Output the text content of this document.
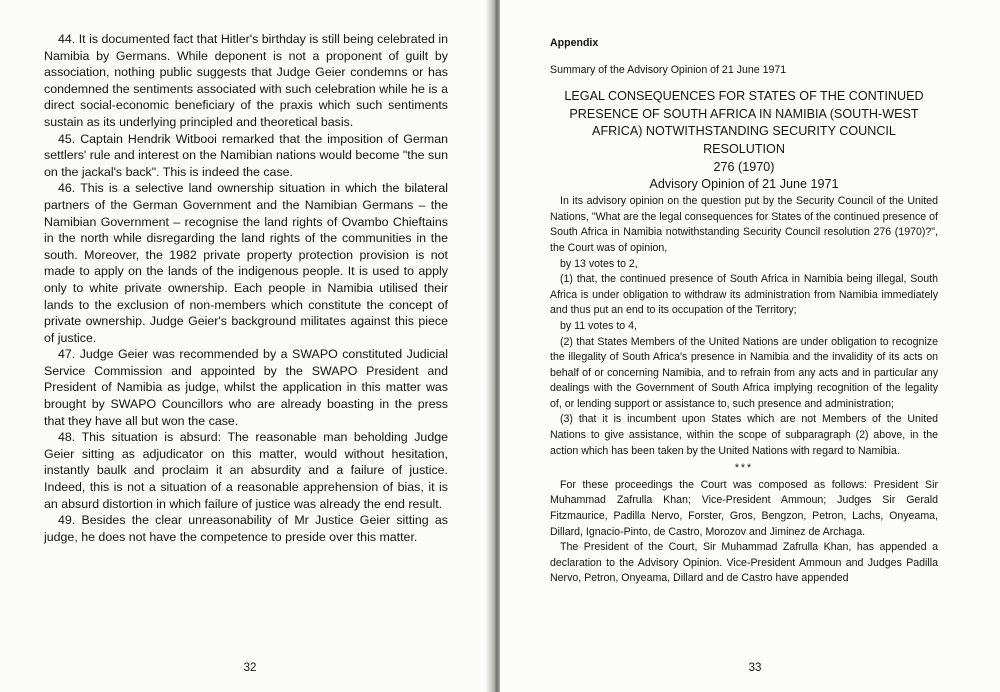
44. It is documented fact that Hitler's birthday is still being celebrated in Namibia by Germans. While deponent is not a proponent of guilt by association, nothing public suggests that Judge Geier condemns or has condemned the sentiments associated with such celebration while he is a direct social-economic beneficiary of the praxis which such sentiments sustain as its underlying principled and theoretical basis.

45. Captain Hendrik Witbooi remarked that the imposition of German settlers' rule and interest on the Namibian nations would become "the sun on the jackal's back". This is indeed the case.

46. This is a selective land ownership situation in which the bilateral partners of the German Government and the Namibian Germans – the Namibian Government – recognise the land rights of Ovambo Chieftains in the north while disregarding the land rights of the communities in the south. Moreover, the 1982 private property protection provision is not made to apply on the lands of the indigenous people. It is used to apply only to white private ownership. Each people in Namibia utilised their lands to the exclusion of non-members which constitute the concept of private ownership. Judge Geier's background militates against this piece of justice.

47. Judge Geier was recommended by a SWAPO constituted Judicial Service Commission and appointed by the SWAPO President and President of Namibia as judge, whilst the application in this matter was brought by SWAPO Councillors who are already boasting in the press that they have all but won the case.

48. This situation is absurd: The reasonable man beholding Judge Geier sitting as adjudicator on this matter, would without hesitation, instantly baulk and proclaim it an absurdity and a failure of justice. Indeed, this is not a situation of a reasonable apprehension of bias, it is an absurd distortion in which failure of justice was already the end result.

49. Besides the clear unreasonability of Mr Justice Geier sitting as judge, he does not have the competence to preside over this matter.

32
Appendix
Summary of the Advisory Opinion of 21 June 1971
LEGAL CONSEQUENCES FOR STATES OF THE CONTINUED
PRESENCE OF SOUTH AFRICA IN NAMIBIA (SOUTH-WEST
AFRICA) NOTWITHSTANDING SECURITY COUNCIL RESOLUTION
276 (1970)
Advisory Opinion of 21 June 1971

In its advisory opinion on the question put by the Security Council of the United Nations, "What are the legal consequences for States of the continued presence of South Africa in Namibia notwithstanding Security Council resolution 276 (1970)?", the Court was of opinion,

by 13 votes to 2,

(1) that, the continued presence of South Africa in Namibia being illegal, South Africa is under obligation to withdraw its administration from Namibia immediately and thus put an end to its occupation of the Territory;

by 11 votes to 4,

(2) that States Members of the United Nations are under obligation to recognize the illegality of South Africa's presence in Namibia and the invalidity of its acts on behalf of or concerning Namibia, and to refrain from any acts and in particular any dealings with the Government of South Africa implying recognition of the legality of, or lending support or assistance to, such presence and administration;

(3) that it is incumbent upon States which are not Members of the United Nations to give assistance, within the scope of subparagraph (2) above, in the action which has been taken by the United Nations with regard to Namibia.

***

For these proceedings the Court was composed as follows: President Sir Muhammad Zafrulla Khan; Vice-President Ammoun; Judges Sir Gerald Fitzmaurice, Padilla Nervo, Forster, Gros, Bengzon, Petron, Lachs, Onyeama, Dillard, Ignacio-Pinto, de Castro, Morozov and Jiminez de Archaga.

The President of the Court, Sir Muhammad Zafrulla Khan, has appended a declaration to the Advisory Opinion. Vice-President Ammoun and Judges Padilla Nervo, Petron, Onyeama, Dillard and de Castro have appended

33
